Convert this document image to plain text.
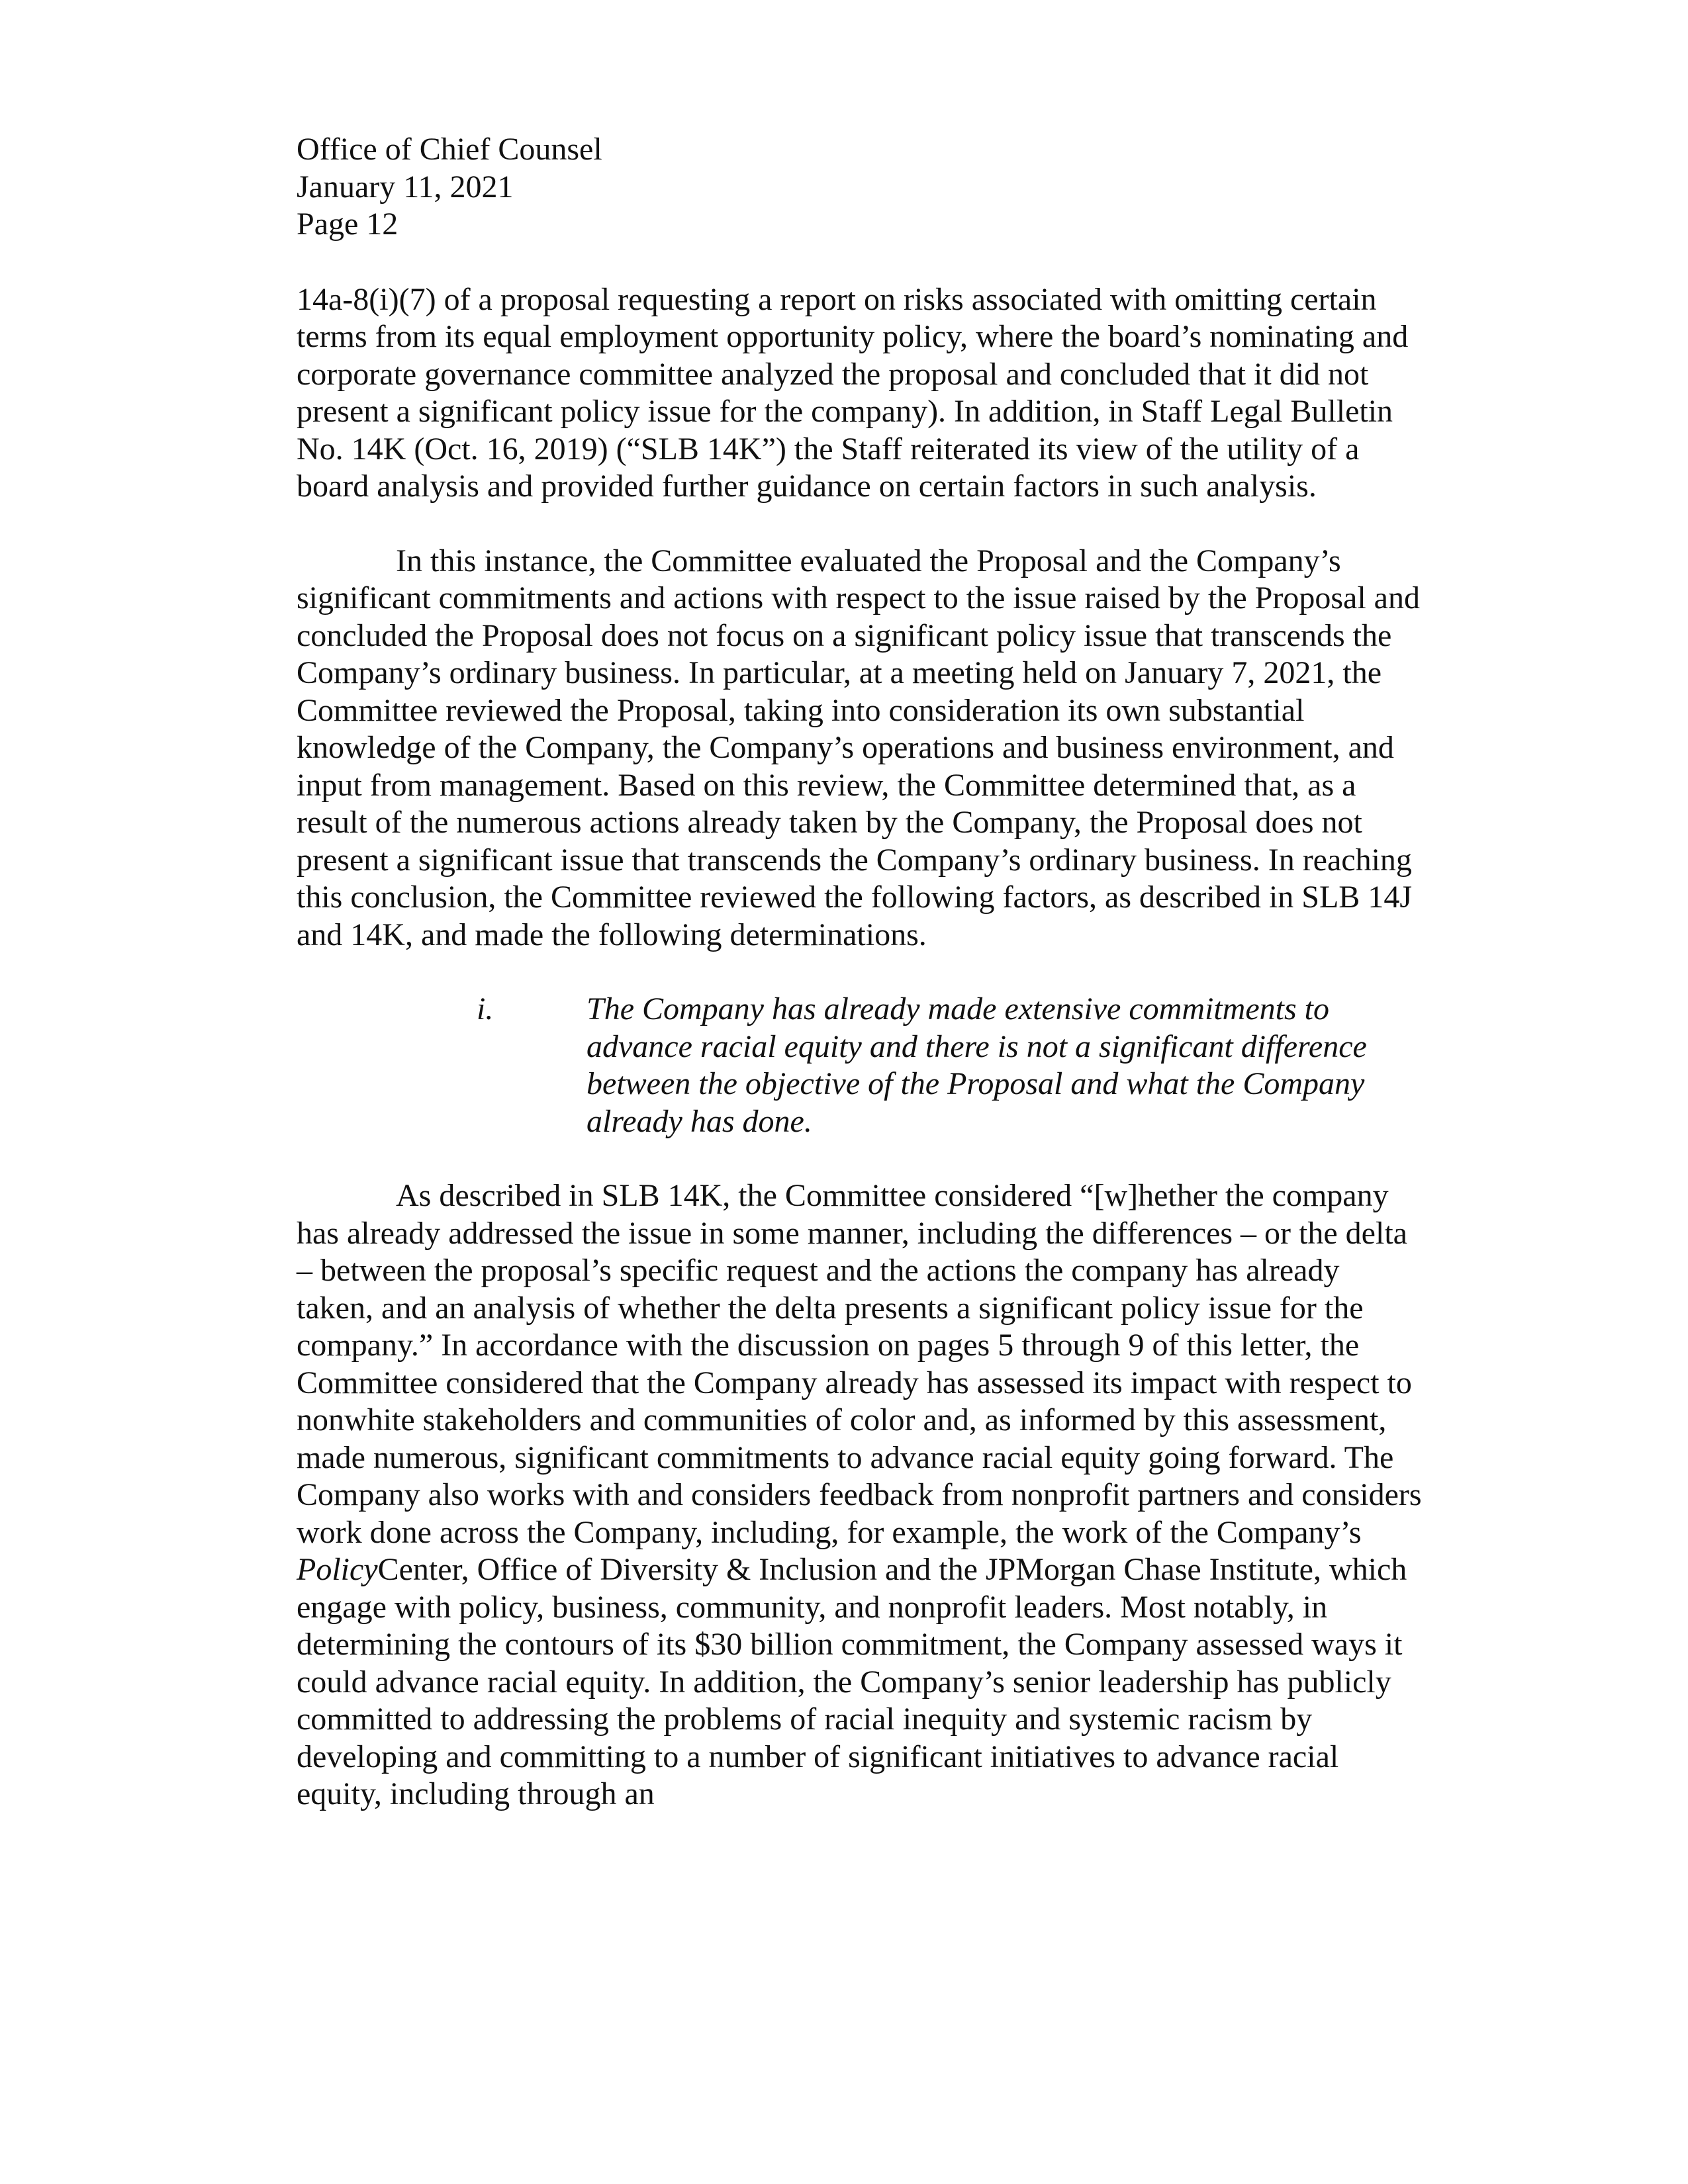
Office of Chief Counsel

January 11, 2021

Page 12

14a-8(i)(7) of a proposal requesting a report on risks associated with omitting certain terms from its equal employment opportunity policy, where the board’s nominating and corporate governance committee analyzed the proposal and concluded that it did not present a significant policy issue for the company). In addition, in Staff Legal Bulletin No. 14K (Oct. 16, 2019) (“SLB 14K”) the Staff reiterated its view of the utility of a board analysis and provided further guidance on certain factors in such analysis.

In this instance, the Committee evaluated the Proposal and the Company’s significant commitments and actions with respect to the issue raised by the Proposal and concluded the Proposal does not focus on a significant policy issue that transcends the Company’s ordinary business. In particular, at a meeting held on January 7, 2021, the Committee reviewed the Proposal, taking into consideration its own substantial knowledge of the Company, the Company’s operations and business environment, and input from management. Based on this review, the Committee determined that, as a result of the numerous actions already taken by the Company, the Proposal does not present a significant issue that transcends the Company’s ordinary business. In reaching this conclusion, the Committee reviewed the following factors, as described in SLB 14J and 14K, and made the following determinations.

i.	The Company has already made extensive commitments to advance racial equity and there is not a significant difference between the objective of the Proposal and what the Company already has done.

As described in SLB 14K, the Committee considered “[w]hether the company has already addressed the issue in some manner, including the differences – or the delta – between the proposal’s specific request and the actions the company has already taken, and an analysis of whether the delta presents a significant policy issue for the company.” In accordance with the discussion on pages 5 through 9 of this letter, the Committee considered that the Company already has assessed its impact with respect to nonwhite stakeholders and communities of color and, as informed by this assessment, made numerous, significant commitments to advance racial equity going forward. The Company also works with and considers feedback from nonprofit partners and considers work done across the Company, including, for example, the work of the Company’s PolicyCenter, Office of Diversity & Inclusion and the JPMorgan Chase Institute, which engage with policy, business, community, and nonprofit leaders. Most notably, in determining the contours of its $30 billion commitment, the Company assessed ways it could advance racial equity. In addition, the Company’s senior leadership has publicly committed to addressing the problems of racial inequity and systemic racism by developing and committing to a number of significant initiatives to advance racial equity, including through an
